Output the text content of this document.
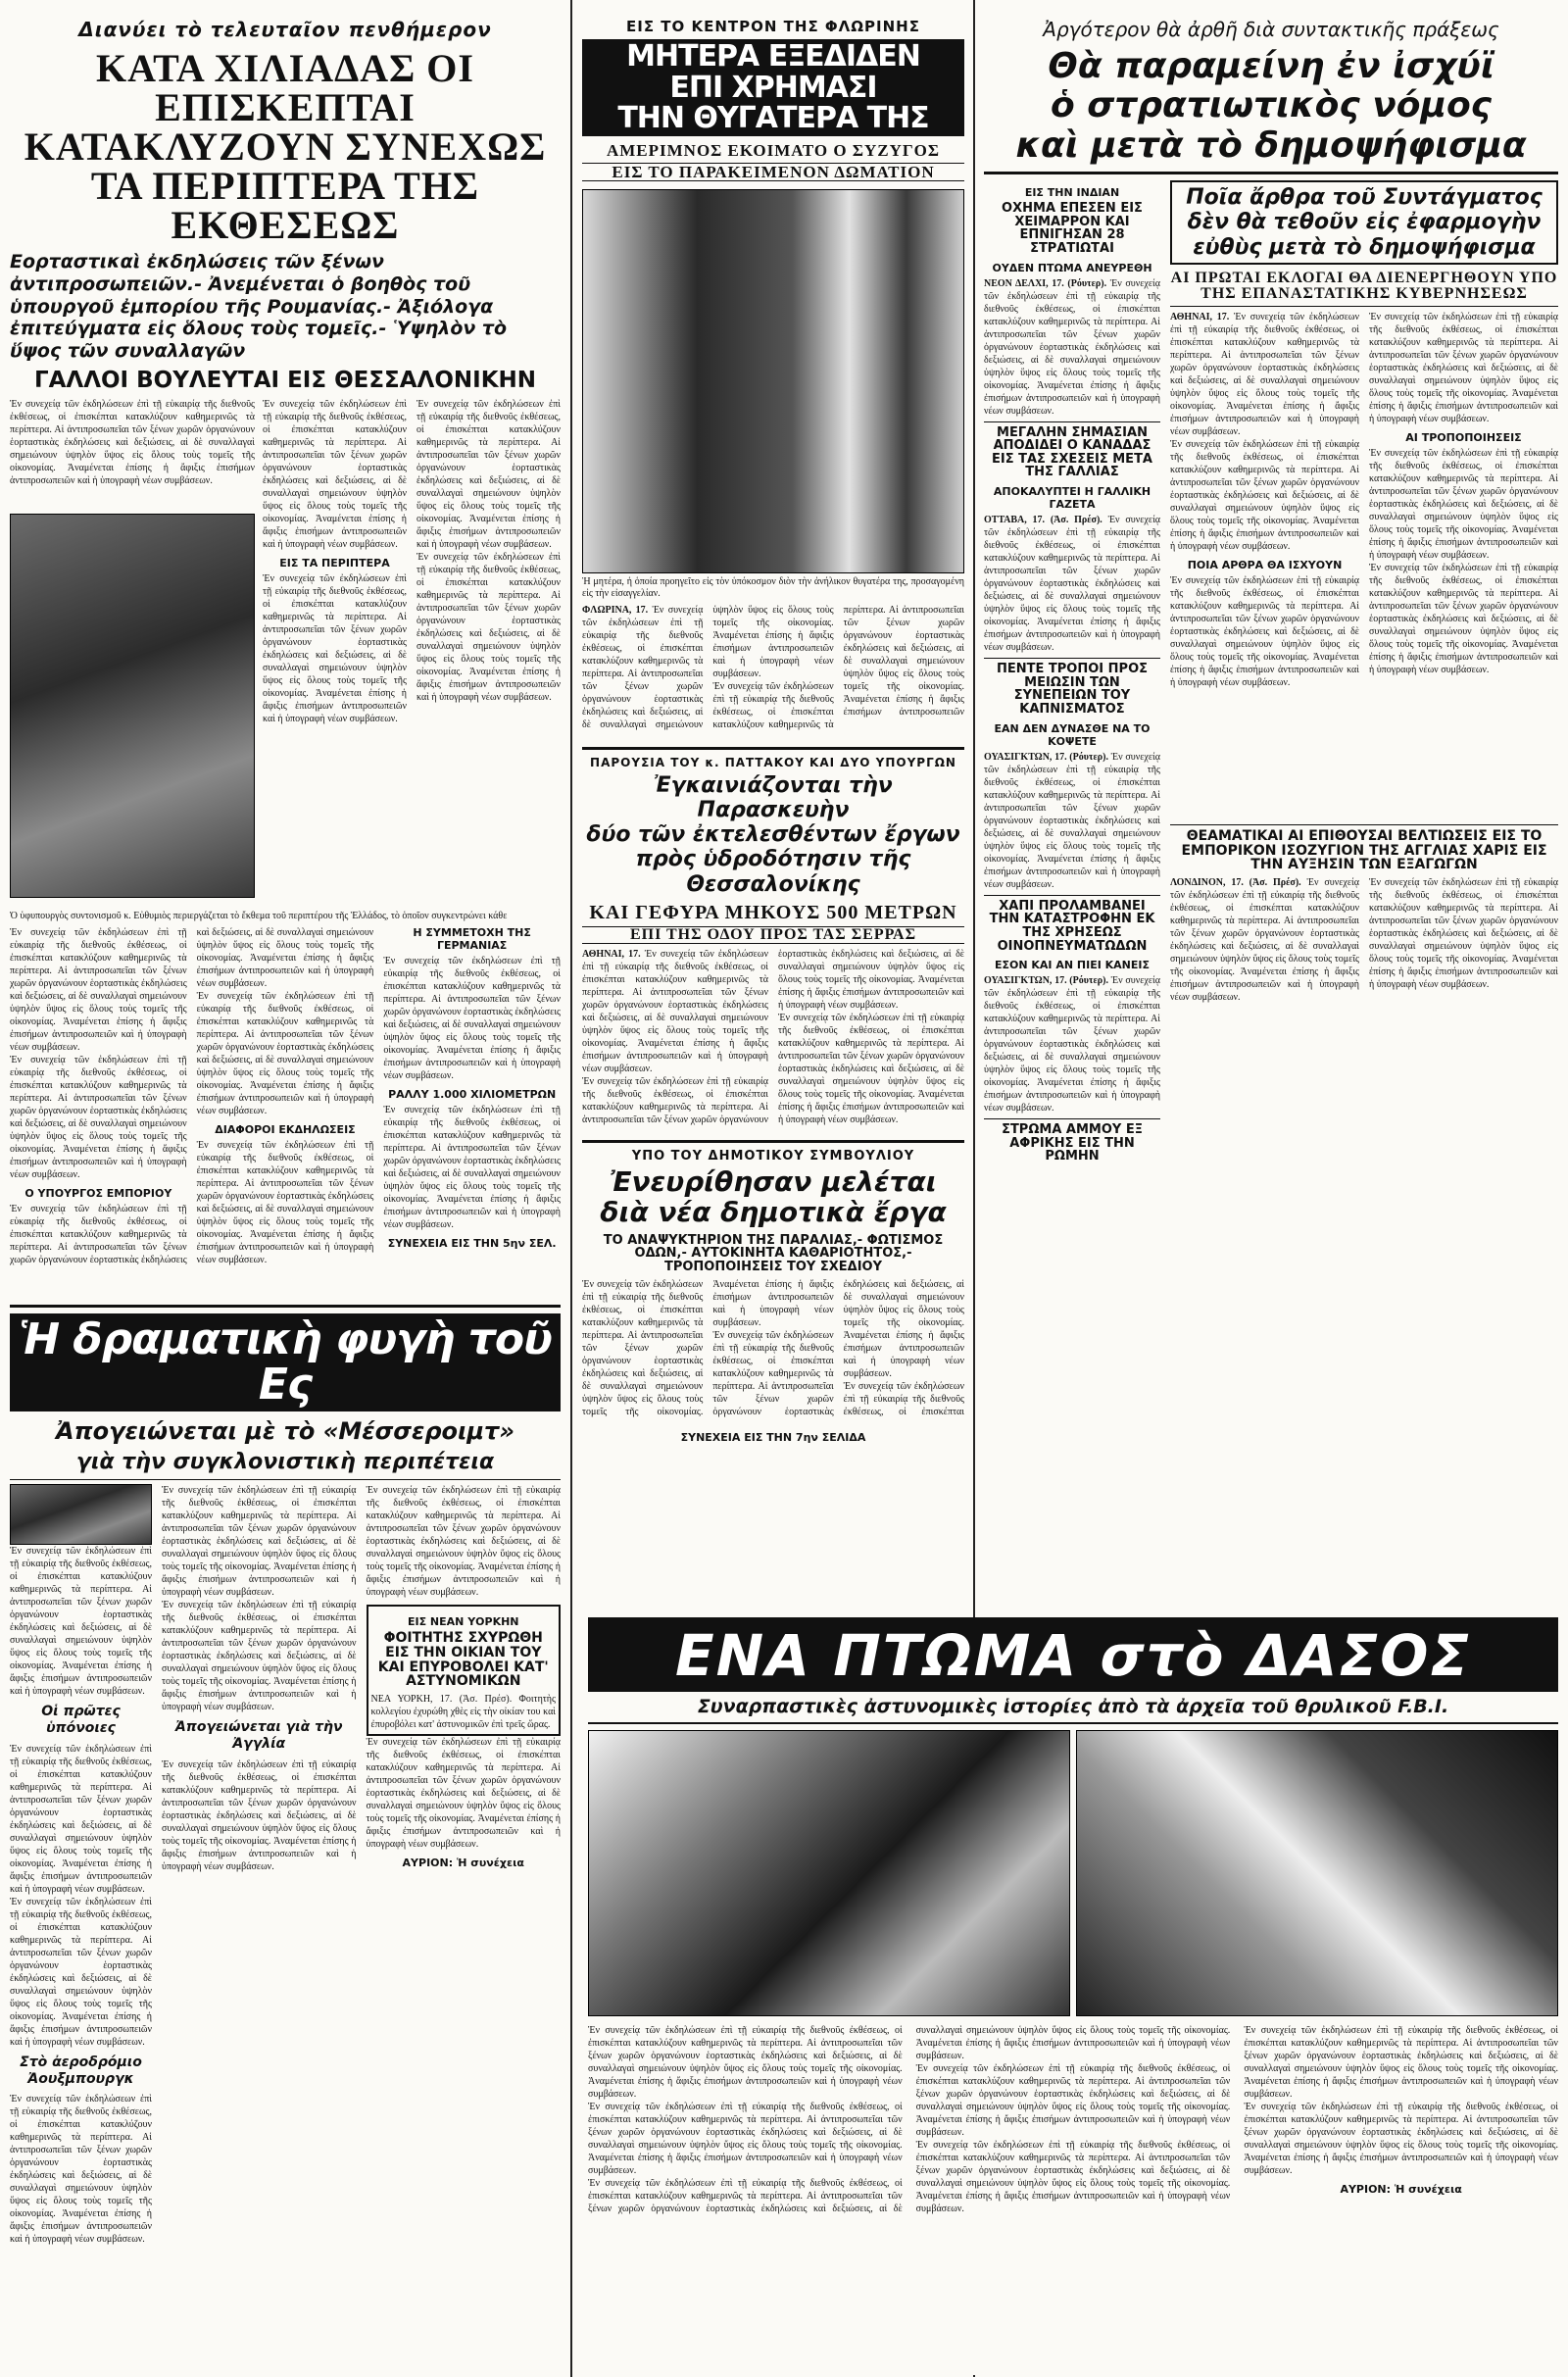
Διανύει τὸ τελευταῖον πενθήμερον
ΚΑΤΑ ΧΙΛΙΑΔΑΣ ΟΙ ΕΠΙΣΚΕΠΤΑΙ
ΚΑΤΑΚΛΥΖΟΥΝ ΣΥΝΕΧΩΣ
ΤΑ ΠΕΡΙΠΤΕΡΑ ΤΗΣ ΕΚΘΕΣΕΩΣ
Εορταστικαὶ ἐκδηλώσεις τῶν ξένων ἀντιπροσωπειῶν.- Ἀνεμένεται ὁ βοηθὸς τοῦ ὑπουργοῦ ἐμπορίου τῆς Ρουμανίας.- Ἀξιόλογα ἐπιτεύγματα εἰς ὅλους τοὺς τομεῖς.- Ὑψηλὸν τὸ ὕψος τῶν συναλλαγῶν
ΓΑΛΛΟΙ ΒΟΥΛΕΥΤΑΙ ΕΙΣ ΘΕΣΣΑΛΟΝΙΚΗΝ

Ἐν συνεχείᾳ τῶν ἐκδηλώσεων ἐπὶ τῇ εὐκαιρίᾳ τῆς διεθνοῦς ἐκθέσεως, οἱ ἐπισκέπται κατακλύζουν καθημερινῶς τὰ περίπτερα. Αἱ ἀντιπροσωπεῖαι τῶν ξένων χωρῶν ὀργανώνουν ἑορταστικὰς ἐκδηλώσεις καὶ δεξιώσεις, αἱ δὲ συναλλαγαὶ σημειώνουν ὑψηλὸν ὕψος εἰς ὅλους τοὺς τομεῖς τῆς οἰκονομίας. Ἀναμένεται ἐπίσης ἡ ἄφιξις ἐπισήμων ἀντιπροσωπειῶν καὶ ἡ ὑπογραφὴ νέων συμβάσεων.

Ἐν συνεχείᾳ τῶν ἐκδηλώσεων ἐπὶ τῇ εὐκαιρίᾳ τῆς διεθνοῦς ἐκθέσεως, οἱ ἐπισκέπται κατακλύζουν καθημερινῶς τὰ περίπτερα. Αἱ ἀντιπροσωπεῖαι τῶν ξένων χωρῶν ὀργανώνουν ἑορταστικὰς ἐκδηλώσεις καὶ δεξιώσεις, αἱ δὲ συναλλαγαὶ σημειώνουν ὑψηλὸν ὕψος εἰς ὅλους τοὺς τομεῖς τῆς οἰκονομίας. Ἀναμένεται ἐπίσης ἡ ἄφιξις ἐπισήμων ἀντιπροσωπειῶν καὶ ἡ ὑπογραφὴ νέων συμβάσεων.

ΕΙΣ ΤΑ ΠΕΡΙΠΤΕΡΑ

Ἐν συνεχείᾳ τῶν ἐκδηλώσεων ἐπὶ τῇ εὐκαιρίᾳ τῆς διεθνοῦς ἐκθέσεως, οἱ ἐπισκέπται κατακλύζουν καθημερινῶς τὰ περίπτερα. Αἱ ἀντιπροσωπεῖαι τῶν ξένων χωρῶν ὀργανώνουν ἑορταστικὰς ἐκδηλώσεις καὶ δεξιώσεις, αἱ δὲ συναλλαγαὶ σημειώνουν ὑψηλὸν ὕψος εἰς ὅλους τοὺς τομεῖς τῆς οἰκονομίας. Ἀναμένεται ἐπίσης ἡ ἄφιξις ἐπισήμων ἀντιπροσωπειῶν καὶ ἡ ὑπογραφὴ νέων συμβάσεων.

Ἐν συνεχείᾳ τῶν ἐκδηλώσεων ἐπὶ τῇ εὐκαιρίᾳ τῆς διεθνοῦς ἐκθέσεως, οἱ ἐπισκέπται κατακλύζουν καθημερινῶς τὰ περίπτερα. Αἱ ἀντιπροσωπεῖαι τῶν ξένων χωρῶν ὀργανώνουν ἑορταστικὰς ἐκδηλώσεις καὶ δεξιώσεις, αἱ δὲ συναλλαγαὶ σημειώνουν ὑψηλὸν ὕψος εἰς ὅλους τοὺς τομεῖς τῆς οἰκονομίας. Ἀναμένεται ἐπίσης ἡ ἄφιξις ἐπισήμων ἀντιπροσωπειῶν καὶ ἡ ὑπογραφὴ νέων συμβάσεων.

Ἐν συνεχείᾳ τῶν ἐκδηλώσεων ἐπὶ τῇ εὐκαιρίᾳ τῆς διεθνοῦς ἐκθέσεως, οἱ ἐπισκέπται κατακλύζουν καθημερινῶς τὰ περίπτερα. Αἱ ἀντιπροσωπεῖαι τῶν ξένων χωρῶν ὀργανώνουν ἑορταστικὰς ἐκδηλώσεις καὶ δεξιώσεις, αἱ δὲ συναλλαγαὶ σημειώνουν ὑψηλὸν ὕψος εἰς ὅλους τοὺς τομεῖς τῆς οἰκονομίας. Ἀναμένεται ἐπίσης ἡ ἄφιξις ἐπισήμων ἀντιπροσωπειῶν καὶ ἡ ὑπογραφὴ νέων συμβάσεων.

Ὁ ὑφυπουργὸς συντονισμοῦ κ. Εὐθυμιὸς περιεργάζεται τὸ ἔκθεμα τοῦ περιπτέρου τῆς Ἑλλάδος, τὸ ὁποῖον συγκεντρώνει κάθε

Ἐν συνεχείᾳ τῶν ἐκδηλώσεων ἐπὶ τῇ εὐκαιρίᾳ τῆς διεθνοῦς ἐκθέσεως, οἱ ἐπισκέπται κατακλύζουν καθημερινῶς τὰ περίπτερα. Αἱ ἀντιπροσωπεῖαι τῶν ξένων χωρῶν ὀργανώνουν ἑορταστικὰς ἐκδηλώσεις καὶ δεξιώσεις, αἱ δὲ συναλλαγαὶ σημειώνουν ὑψηλὸν ὕψος εἰς ὅλους τοὺς τομεῖς τῆς οἰκονομίας. Ἀναμένεται ἐπίσης ἡ ἄφιξις ἐπισήμων ἀντιπροσωπειῶν καὶ ἡ ὑπογραφὴ νέων συμβάσεων.

Ἐν συνεχείᾳ τῶν ἐκδηλώσεων ἐπὶ τῇ εὐκαιρίᾳ τῆς διεθνοῦς ἐκθέσεως, οἱ ἐπισκέπται κατακλύζουν καθημερινῶς τὰ περίπτερα. Αἱ ἀντιπροσωπεῖαι τῶν ξένων χωρῶν ὀργανώνουν ἑορταστικὰς ἐκδηλώσεις καὶ δεξιώσεις, αἱ δὲ συναλλαγαὶ σημειώνουν ὑψηλὸν ὕψος εἰς ὅλους τοὺς τομεῖς τῆς οἰκονομίας. Ἀναμένεται ἐπίσης ἡ ἄφιξις ἐπισήμων ἀντιπροσωπειῶν καὶ ἡ ὑπογραφὴ νέων συμβάσεων.

Ο ΥΠΟΥΡΓΟΣ ΕΜΠΟΡΙΟΥ

Ἐν συνεχείᾳ τῶν ἐκδηλώσεων ἐπὶ τῇ εὐκαιρίᾳ τῆς διεθνοῦς ἐκθέσεως, οἱ ἐπισκέπται κατακλύζουν καθημερινῶς τὰ περίπτερα. Αἱ ἀντιπροσωπεῖαι τῶν ξένων χωρῶν ὀργανώνουν ἑορταστικὰς ἐκδηλώσεις καὶ δεξιώσεις, αἱ δὲ συναλλαγαὶ σημειώνουν ὑψηλὸν ὕψος εἰς ὅλους τοὺς τομεῖς τῆς οἰκονομίας. Ἀναμένεται ἐπίσης ἡ ἄφιξις ἐπισήμων ἀντιπροσωπειῶν καὶ ἡ ὑπογραφὴ νέων συμβάσεων.

Ἐν συνεχείᾳ τῶν ἐκδηλώσεων ἐπὶ τῇ εὐκαιρίᾳ τῆς διεθνοῦς ἐκθέσεως, οἱ ἐπισκέπται κατακλύζουν καθημερινῶς τὰ περίπτερα. Αἱ ἀντιπροσωπεῖαι τῶν ξένων χωρῶν ὀργανώνουν ἑορταστικὰς ἐκδηλώσεις καὶ δεξιώσεις, αἱ δὲ συναλλαγαὶ σημειώνουν ὑψηλὸν ὕψος εἰς ὅλους τοὺς τομεῖς τῆς οἰκονομίας. Ἀναμένεται ἐπίσης ἡ ἄφιξις ἐπισήμων ἀντιπροσωπειῶν καὶ ἡ ὑπογραφὴ νέων συμβάσεων.

ΔΙΑΦΟΡΟΙ ΕΚΔΗΛΩΣΕΙΣ

Ἐν συνεχείᾳ τῶν ἐκδηλώσεων ἐπὶ τῇ εὐκαιρίᾳ τῆς διεθνοῦς ἐκθέσεως, οἱ ἐπισκέπται κατακλύζουν καθημερινῶς τὰ περίπτερα. Αἱ ἀντιπροσωπεῖαι τῶν ξένων χωρῶν ὀργανώνουν ἑορταστικὰς ἐκδηλώσεις καὶ δεξιώσεις, αἱ δὲ συναλλαγαὶ σημειώνουν ὑψηλὸν ὕψος εἰς ὅλους τοὺς τομεῖς τῆς οἰκονομίας. Ἀναμένεται ἐπίσης ἡ ἄφιξις ἐπισήμων ἀντιπροσωπειῶν καὶ ἡ ὑπογραφὴ νέων συμβάσεων.

Η ΣΥΜΜΕΤΟΧΗ ΤΗΣ ΓΕΡΜΑΝΙΑΣ

Ἐν συνεχείᾳ τῶν ἐκδηλώσεων ἐπὶ τῇ εὐκαιρίᾳ τῆς διεθνοῦς ἐκθέσεως, οἱ ἐπισκέπται κατακλύζουν καθημερινῶς τὰ περίπτερα. Αἱ ἀντιπροσωπεῖαι τῶν ξένων χωρῶν ὀργανώνουν ἑορταστικὰς ἐκδηλώσεις καὶ δεξιώσεις, αἱ δὲ συναλλαγαὶ σημειώνουν ὑψηλὸν ὕψος εἰς ὅλους τοὺς τομεῖς τῆς οἰκονομίας. Ἀναμένεται ἐπίσης ἡ ἄφιξις ἐπισήμων ἀντιπροσωπειῶν καὶ ἡ ὑπογραφὴ νέων συμβάσεων.

ΡΑΛΛΥ 1.000 ΧΙΛΙΟΜΕΤΡΩΝ

Ἐν συνεχείᾳ τῶν ἐκδηλώσεων ἐπὶ τῇ εὐκαιρίᾳ τῆς διεθνοῦς ἐκθέσεως, οἱ ἐπισκέπται κατακλύζουν καθημερινῶς τὰ περίπτερα. Αἱ ἀντιπροσωπεῖαι τῶν ξένων χωρῶν ὀργανώνουν ἑορταστικὰς ἐκδηλώσεις καὶ δεξιώσεις, αἱ δὲ συναλλαγαὶ σημειώνουν ὑψηλὸν ὕψος εἰς ὅλους τοὺς τομεῖς τῆς οἰκονομίας. Ἀναμένεται ἐπίσης ἡ ἄφιξις ἐπισήμων ἀντιπροσωπειῶν καὶ ἡ ὑπογραφὴ νέων συμβάσεων.

ΣΥΝΕΧΕΙΑ ΕΙΣ ΤΗΝ 5ην ΣΕΛ.
Ἡ δραματικὴ φυγὴ τοῦ Ες
Ἀπογειώνεται μὲ τὸ «Μέσσεροιμτ»
γιὰ τὴν συγκλονιστικὴ περιπέτεια

Ἐν συνεχείᾳ τῶν ἐκδηλώσεων ἐπὶ τῇ εὐκαιρίᾳ τῆς διεθνοῦς ἐκθέσεως, οἱ ἐπισκέπται κατακλύζουν καθημερινῶς τὰ περίπτερα. Αἱ ἀντιπροσωπεῖαι τῶν ξένων χωρῶν ὀργανώνουν ἑορταστικὰς ἐκδηλώσεις καὶ δεξιώσεις, αἱ δὲ συναλλαγαὶ σημειώνουν ὑψηλὸν ὕψος εἰς ὅλους τοὺς τομεῖς τῆς οἰκονομίας. Ἀναμένεται ἐπίσης ἡ ἄφιξις ἐπισήμων ἀντιπροσωπειῶν καὶ ἡ ὑπογραφὴ νέων συμβάσεων.

Οἱ πρῶτες ὑπόνοιες

Ἐν συνεχείᾳ τῶν ἐκδηλώσεων ἐπὶ τῇ εὐκαιρίᾳ τῆς διεθνοῦς ἐκθέσεως, οἱ ἐπισκέπται κατακλύζουν καθημερινῶς τὰ περίπτερα. Αἱ ἀντιπροσωπεῖαι τῶν ξένων χωρῶν ὀργανώνουν ἑορταστικὰς ἐκδηλώσεις καὶ δεξιώσεις, αἱ δὲ συναλλαγαὶ σημειώνουν ὑψηλὸν ὕψος εἰς ὅλους τοὺς τομεῖς τῆς οἰκονομίας. Ἀναμένεται ἐπίσης ἡ ἄφιξις ἐπισήμων ἀντιπροσωπειῶν καὶ ἡ ὑπογραφὴ νέων συμβάσεων.

Ἐν συνεχείᾳ τῶν ἐκδηλώσεων ἐπὶ τῇ εὐκαιρίᾳ τῆς διεθνοῦς ἐκθέσεως, οἱ ἐπισκέπται κατακλύζουν καθημερινῶς τὰ περίπτερα. Αἱ ἀντιπροσωπεῖαι τῶν ξένων χωρῶν ὀργανώνουν ἑορταστικὰς ἐκδηλώσεις καὶ δεξιώσεις, αἱ δὲ συναλλαγαὶ σημειώνουν ὑψηλὸν ὕψος εἰς ὅλους τοὺς τομεῖς τῆς οἰκονομίας. Ἀναμένεται ἐπίσης ἡ ἄφιξις ἐπισήμων ἀντιπροσωπειῶν καὶ ἡ ὑπογραφὴ νέων συμβάσεων.

Στὸ ἀεροδρόμιο Ἀουξμπουργκ

Ἐν συνεχείᾳ τῶν ἐκδηλώσεων ἐπὶ τῇ εὐκαιρίᾳ τῆς διεθνοῦς ἐκθέσεως, οἱ ἐπισκέπται κατακλύζουν καθημερινῶς τὰ περίπτερα. Αἱ ἀντιπροσωπεῖαι τῶν ξένων χωρῶν ὀργανώνουν ἑορταστικὰς ἐκδηλώσεις καὶ δεξιώσεις, αἱ δὲ συναλλαγαὶ σημειώνουν ὑψηλὸν ὕψος εἰς ὅλους τοὺς τομεῖς τῆς οἰκονομίας. Ἀναμένεται ἐπίσης ἡ ἄφιξις ἐπισήμων ἀντιπροσωπειῶν καὶ ἡ ὑπογραφὴ νέων συμβάσεων.

Ἐν συνεχείᾳ τῶν ἐκδηλώσεων ἐπὶ τῇ εὐκαιρίᾳ τῆς διεθνοῦς ἐκθέσεως, οἱ ἐπισκέπται κατακλύζουν καθημερινῶς τὰ περίπτερα. Αἱ ἀντιπροσωπεῖαι τῶν ξένων χωρῶν ὀργανώνουν ἑορταστικὰς ἐκδηλώσεις καὶ δεξιώσεις, αἱ δὲ συναλλαγαὶ σημειώνουν ὑψηλὸν ὕψος εἰς ὅλους τοὺς τομεῖς τῆς οἰκονομίας. Ἀναμένεται ἐπίσης ἡ ἄφιξις ἐπισήμων ἀντιπροσωπειῶν καὶ ἡ ὑπογραφὴ νέων συμβάσεων.

Ἐν συνεχείᾳ τῶν ἐκδηλώσεων ἐπὶ τῇ εὐκαιρίᾳ τῆς διεθνοῦς ἐκθέσεως, οἱ ἐπισκέπται κατακλύζουν καθημερινῶς τὰ περίπτερα. Αἱ ἀντιπροσωπεῖαι τῶν ξένων χωρῶν ὀργανώνουν ἑορταστικὰς ἐκδηλώσεις καὶ δεξιώσεις, αἱ δὲ συναλλαγαὶ σημειώνουν ὑψηλὸν ὕψος εἰς ὅλους τοὺς τομεῖς τῆς οἰκονομίας. Ἀναμένεται ἐπίσης ἡ ἄφιξις ἐπισήμων ἀντιπροσωπειῶν καὶ ἡ ὑπογραφὴ νέων συμβάσεων.

Ἀπογειώνεται γιὰ τὴν Ἀγγλία

Ἐν συνεχείᾳ τῶν ἐκδηλώσεων ἐπὶ τῇ εὐκαιρίᾳ τῆς διεθνοῦς ἐκθέσεως, οἱ ἐπισκέπται κατακλύζουν καθημερινῶς τὰ περίπτερα. Αἱ ἀντιπροσωπεῖαι τῶν ξένων χωρῶν ὀργανώνουν ἑορταστικὰς ἐκδηλώσεις καὶ δεξιώσεις, αἱ δὲ συναλλαγαὶ σημειώνουν ὑψηλὸν ὕψος εἰς ὅλους τοὺς τομεῖς τῆς οἰκονομίας. Ἀναμένεται ἐπίσης ἡ ἄφιξις ἐπισήμων ἀντιπροσωπειῶν καὶ ἡ ὑπογραφὴ νέων συμβάσεων.

Ἐν συνεχείᾳ τῶν ἐκδηλώσεων ἐπὶ τῇ εὐκαιρίᾳ τῆς διεθνοῦς ἐκθέσεως, οἱ ἐπισκέπται κατακλύζουν καθημερινῶς τὰ περίπτερα. Αἱ ἀντιπροσωπεῖαι τῶν ξένων χωρῶν ὀργανώνουν ἑορταστικὰς ἐκδηλώσεις καὶ δεξιώσεις, αἱ δὲ συναλλαγαὶ σημειώνουν ὑψηλὸν ὕψος εἰς ὅλους τοὺς τομεῖς τῆς οἰκονομίας. Ἀναμένεται ἐπίσης ἡ ἄφιξις ἐπισήμων ἀντιπροσωπειῶν καὶ ἡ ὑπογραφὴ νέων συμβάσεων.

ΕΙΣ ΝΕΑΝ ΥΟΡΚΗΝ
ΦΟΙΤΗΤΗΣ ΣΧΥΡΩΘΗ ΕΙΣ ΤΗΝ ΟΙΚΙΑΝ ΤΟΥ ΚΑΙ ΕΠΥΡΟΒΟΛΕΙ ΚΑΤ' ΑΣΤΥΝΟΜΙΚΩΝ

ΝΕΑ ΥΟΡΚΗ, 17. (Ἀσ. Πρέσ). Φοιτητὴς κολλεγίου ἐχυρώθη χθὲς εἰς τὴν οἰκίαν του καὶ ἐπυροβόλει κατ' ἀστυνομικῶν ἐπὶ τρεῖς ὥρας.

Ἐν συνεχείᾳ τῶν ἐκδηλώσεων ἐπὶ τῇ εὐκαιρίᾳ τῆς διεθνοῦς ἐκθέσεως, οἱ ἐπισκέπται κατακλύζουν καθημερινῶς τὰ περίπτερα. Αἱ ἀντιπροσωπεῖαι τῶν ξένων χωρῶν ὀργανώνουν ἑορταστικὰς ἐκδηλώσεις καὶ δεξιώσεις, αἱ δὲ συναλλαγαὶ σημειώνουν ὑψηλὸν ὕψος εἰς ὅλους τοὺς τομεῖς τῆς οἰκονομίας. Ἀναμένεται ἐπίσης ἡ ἄφιξις ἐπισήμων ἀντιπροσωπειῶν καὶ ἡ ὑπογραφὴ νέων συμβάσεων.

ΑΥΡΙΟΝ: Ἡ συνέχεια
ΕΙΣ ΤΟ ΚΕΝΤΡΟΝ ΤΗΣ ΦΛΩΡΙΝΗΣ
ΜΗΤΕΡΑ ΕΞΕΔΙΔΕΝ
ΕΠΙ ΧΡΗΜΑΣΙ
ΤΗΝ ΘΥΓΑΤΕΡΑ ΤΗΣ
ΑΜΕΡΙΜΝΟΣ ΕΚΟΙΜΑΤΟ Ο ΣΥΖΥΓΟΣ
ΕΙΣ ΤΟ ΠΑΡΑΚΕΙΜΕΝΟΝ ΔΩΜΑΤΙΟΝ
Ἡ μητέρα, ἡ ὁποία προηγεῖτο εἰς τὸν ὑπόκοσμον διὸν τὴν ἀνήλικον θυγατέρα της, προσαγομένη εἰς τὴν εἰσαγγελίαν.

ΦΛΩΡΙΝΑ, 17. Ἐν συνεχείᾳ τῶν ἐκδηλώσεων ἐπὶ τῇ εὐκαιρίᾳ τῆς διεθνοῦς ἐκθέσεως, οἱ ἐπισκέπται κατακλύζουν καθημερινῶς τὰ περίπτερα. Αἱ ἀντιπροσωπεῖαι τῶν ξένων χωρῶν ὀργανώνουν ἑορταστικὰς ἐκδηλώσεις καὶ δεξιώσεις, αἱ δὲ συναλλαγαὶ σημειώνουν ὑψηλὸν ὕψος εἰς ὅλους τοὺς τομεῖς τῆς οἰκονομίας. Ἀναμένεται ἐπίσης ἡ ἄφιξις ἐπισήμων ἀντιπροσωπειῶν καὶ ἡ ὑπογραφὴ νέων συμβάσεων.

Ἐν συνεχείᾳ τῶν ἐκδηλώσεων ἐπὶ τῇ εὐκαιρίᾳ τῆς διεθνοῦς ἐκθέσεως, οἱ ἐπισκέπται κατακλύζουν καθημερινῶς τὰ περίπτερα. Αἱ ἀντιπροσωπεῖαι τῶν ξένων χωρῶν ὀργανώνουν ἑορταστικὰς ἐκδηλώσεις καὶ δεξιώσεις, αἱ δὲ συναλλαγαὶ σημειώνουν ὑψηλὸν ὕψος εἰς ὅλους τοὺς τομεῖς τῆς οἰκονομίας. Ἀναμένεται ἐπίσης ἡ ἄφιξις ἐπισήμων ἀντιπροσωπειῶν

ΠΑΡΟΥΣΙΑ ΤΟΥ κ. ΠΑΤΤΑΚΟΥ ΚΑΙ ΔΥΟ ΥΠΟΥΡΓΩΝ
Ἐγκαινιάζονται τὴν Παρασκευὴν
δύο τῶν ἐκτελεσθέντων ἔργων
πρὸς ὑδροδότησιν τῆς Θεσσαλονίκης
ΚΑΙ ΓΕΦΥΡΑ ΜΗΚΟΥΣ 500 ΜΕΤΡΩΝ
ΕΠΙ ΤΗΣ ΟΔΟΥ ΠΡΟΣ ΤΑΣ ΣΕΡΡΑΣ

ΑΘΗΝΑΙ, 17. Ἐν συνεχείᾳ τῶν ἐκδηλώσεων ἐπὶ τῇ εὐκαιρίᾳ τῆς διεθνοῦς ἐκθέσεως, οἱ ἐπισκέπται κατακλύζουν καθημερινῶς τὰ περίπτερα. Αἱ ἀντιπροσωπεῖαι τῶν ξένων χωρῶν ὀργανώνουν ἑορταστικὰς ἐκδηλώσεις καὶ δεξιώσεις, αἱ δὲ συναλλαγαὶ σημειώνουν ὑψηλὸν ὕψος εἰς ὅλους τοὺς τομεῖς τῆς οἰκονομίας. Ἀναμένεται ἐπίσης ἡ ἄφιξις ἐπισήμων ἀντιπροσωπειῶν καὶ ἡ ὑπογραφὴ νέων συμβάσεων.

Ἐν συνεχείᾳ τῶν ἐκδηλώσεων ἐπὶ τῇ εὐκαιρίᾳ τῆς διεθνοῦς ἐκθέσεως, οἱ ἐπισκέπται κατακλύζουν καθημερινῶς τὰ περίπτερα. Αἱ ἀντιπροσωπεῖαι τῶν ξένων χωρῶν ὀργανώνουν ἑορταστικὰς ἐκδηλώσεις καὶ δεξιώσεις, αἱ δὲ συναλλαγαὶ σημειώνουν ὑψηλὸν ὕψος εἰς ὅλους τοὺς τομεῖς τῆς οἰκονομίας. Ἀναμένεται ἐπίσης ἡ ἄφιξις ἐπισήμων ἀντιπροσωπειῶν καὶ ἡ ὑπογραφὴ νέων συμβάσεων.

Ἐν συνεχείᾳ τῶν ἐκδηλώσεων ἐπὶ τῇ εὐκαιρίᾳ τῆς διεθνοῦς ἐκθέσεως, οἱ ἐπισκέπται κατακλύζουν καθημερινῶς τὰ περίπτερα. Αἱ ἀντιπροσωπεῖαι τῶν ξένων χωρῶν ὀργανώνουν ἑορταστικὰς ἐκδηλώσεις καὶ δεξιώσεις, αἱ δὲ συναλλαγαὶ σημειώνουν ὑψηλὸν ὕψος εἰς ὅλους τοὺς τομεῖς τῆς οἰκονομίας. Ἀναμένεται ἐπίσης ἡ ἄφιξις ἐπισήμων ἀντιπροσωπειῶν καὶ ἡ ὑπογραφὴ νέων συμβάσεων.

ΥΠΟ ΤΟΥ ΔΗΜΟΤΙΚΟΥ ΣΥΜΒΟΥΛΙΟΥ
Ἐνευρίθησαν μελέται
διὰ νέα δημοτικὰ ἔργα
ΤΟ ΑΝΑΨΥΚΤΗΡΙΟΝ ΤΗΣ ΠΑΡΑΛΙΑΣ,- ΦΩΤΙΣΜΟΣ ΟΔΩΝ,- ΑΥΤΟΚΙΝΗΤΑ ΚΑΘΑΡΙΟΤΗΤΟΣ,- ΤΡΟΠΟΠΟΙΗΣΕΙΣ ΤΟΥ ΣΧΕΔΙΟΥ

Ἐν συνεχείᾳ τῶν ἐκδηλώσεων ἐπὶ τῇ εὐκαιρίᾳ τῆς διεθνοῦς ἐκθέσεως, οἱ ἐπισκέπται κατακλύζουν καθημερινῶς τὰ περίπτερα. Αἱ ἀντιπροσωπεῖαι τῶν ξένων χωρῶν ὀργανώνουν ἑορταστικὰς ἐκδηλώσεις καὶ δεξιώσεις, αἱ δὲ συναλλαγαὶ σημειώνουν ὑψηλὸν ὕψος εἰς ὅλους τοὺς τομεῖς τῆς οἰκονομίας. Ἀναμένεται ἐπίσης ἡ ἄφιξις ἐπισήμων ἀντιπροσωπειῶν καὶ ἡ ὑπογραφὴ νέων συμβάσεων.

Ἐν συνεχείᾳ τῶν ἐκδηλώσεων ἐπὶ τῇ εὐκαιρίᾳ τῆς διεθνοῦς ἐκθέσεως, οἱ ἐπισκέπται κατακλύζουν καθημερινῶς τὰ περίπτερα. Αἱ ἀντιπροσωπεῖαι τῶν ξένων χωρῶν ὀργανώνουν ἑορταστικὰς ἐκδηλώσεις καὶ δεξιώσεις, αἱ δὲ συναλλαγαὶ σημειώνουν ὑψηλὸν ὕψος εἰς ὅλους τοὺς τομεῖς τῆς οἰκονομίας. Ἀναμένεται ἐπίσης ἡ ἄφιξις ἐπισήμων ἀντιπροσωπειῶν καὶ ἡ ὑπογραφὴ νέων συμβάσεων.

Ἐν συνεχείᾳ τῶν ἐκδηλώσεων ἐπὶ τῇ εὐκαιρίᾳ τῆς διεθνοῦς ἐκθέσεως, οἱ ἐπισκέπται

ΣΥΝΕΧΕΙΑ ΕΙΣ ΤΗΝ 7ην ΣΕΛΙΔΑ
Ἀργότερον θὰ ἀρθῆ διὰ συντακτικῆς πράξεως
Θὰ παραμείνη ἐν ἰσχύϊ
ὁ στρατιωτικὸς νόμος
καὶ μετὰ τὸ δημοψήφισμα
ΕΙΣ ΤΗΝ ΙΝΔΙΑΝ
ΟΧΗΜΑ ΕΠΕΣΕΝ ΕΙΣ ΧΕΙΜΑΡΡΟΝ ΚΑΙ ΕΠΝΙΓΗΣΑΝ 28 ΣΤΡΑΤΙΩΤΑΙ
ΟΥΔΕΝ ΠΤΩΜΑ ΑΝΕΥΡΕΘΗ

ΝΕΟΝ ΔΕΛΧΙ, 17. (Ρόυτερ). Ἐν συνεχείᾳ τῶν ἐκδηλώσεων ἐπὶ τῇ εὐκαιρίᾳ τῆς διεθνοῦς ἐκθέσεως, οἱ ἐπισκέπται κατακλύζουν καθημερινῶς τὰ περίπτερα. Αἱ ἀντιπροσωπεῖαι τῶν ξένων χωρῶν ὀργανώνουν ἑορταστικὰς ἐκδηλώσεις καὶ δεξιώσεις, αἱ δὲ συναλλαγαὶ σημειώνουν ὑψηλὸν ὕψος εἰς ὅλους τοὺς τομεῖς τῆς οἰκονομίας. Ἀναμένεται ἐπίσης ἡ ἄφιξις ἐπισήμων ἀντιπροσωπειῶν καὶ ἡ ὑπογραφὴ νέων συμβάσεων.

ΜΕΓΑΛΗΝ ΣΗΜΑΣΙΑΝ ΑΠΟΔΙΔΕΙ Ο ΚΑΝΑΔΑΣ ΕΙΣ ΤΑΣ ΣΧΕΣΕΙΣ ΜΕΤΑ ΤΗΣ ΓΑΛΛΙΑΣ
ΑΠΟΚΑΛΥΠΤΕΙ Η ΓΑΛΛΙΚΗ ΓΑΖΕΤΑ

ΟΤΤΑΒΑ, 17. (Ἀσ. Πρέσ). Ἐν συνεχείᾳ τῶν ἐκδηλώσεων ἐπὶ τῇ εὐκαιρίᾳ τῆς διεθνοῦς ἐκθέσεως, οἱ ἐπισκέπται κατακλύζουν καθημερινῶς τὰ περίπτερα. Αἱ ἀντιπροσωπεῖαι τῶν ξένων χωρῶν ὀργανώνουν ἑορταστικὰς ἐκδηλώσεις καὶ δεξιώσεις, αἱ δὲ συναλλαγαὶ σημειώνουν ὑψηλὸν ὕψος εἰς ὅλους τοὺς τομεῖς τῆς οἰκονομίας. Ἀναμένεται ἐπίσης ἡ ἄφιξις ἐπισήμων ἀντιπροσωπειῶν καὶ ἡ ὑπογραφὴ νέων συμβάσεων.

ΠΕΝΤΕ ΤΡΟΠΟΙ ΠΡΟΣ ΜΕΙΩΣΙΝ ΤΩΝ ΣΥΝΕΠΕΙΩΝ ΤΟΥ ΚΑΠΝΙΣΜΑΤΟΣ
ΕΑΝ ΔΕΝ ΔΥΝΑΣΘΕ ΝΑ ΤΟ ΚΟΨΕΤΕ

ΟΥΑΣΙΓΚΤΩΝ, 17. (Ρόυτερ). Ἐν συνεχείᾳ τῶν ἐκδηλώσεων ἐπὶ τῇ εὐκαιρίᾳ τῆς διεθνοῦς ἐκθέσεως, οἱ ἐπισκέπται κατακλύζουν καθημερινῶς τὰ περίπτερα. Αἱ ἀντιπροσωπεῖαι τῶν ξένων χωρῶν ὀργανώνουν ἑορταστικὰς ἐκδηλώσεις καὶ δεξιώσεις, αἱ δὲ συναλλαγαὶ σημειώνουν ὑψηλὸν ὕψος εἰς ὅλους τοὺς τομεῖς τῆς οἰκονομίας. Ἀναμένεται ἐπίσης ἡ ἄφιξις ἐπισήμων ἀντιπροσωπειῶν καὶ ἡ ὑπογραφὴ νέων συμβάσεων.

ΧΑΠΙ ΠΡΟΛΑΜΒΑΝΕΙ ΤΗΝ ΚΑΤΑΣΤΡΟΦΗΝ ΕΚ ΤΗΣ ΧΡΗΣΕΩΣ ΟΙΝΟΠΝΕΥΜΑΤΩΔΩΝ
ΕΣΟΝ ΚΑΙ ΑΝ ΠΙΕΙ ΚΑΝΕΙΣ

ΟΥΑΣΙΓΚΤΩΝ, 17. (Ρόυτερ). Ἐν συνεχείᾳ τῶν ἐκδηλώσεων ἐπὶ τῇ εὐκαιρίᾳ τῆς διεθνοῦς ἐκθέσεως, οἱ ἐπισκέπται κατακλύζουν καθημερινῶς τὰ περίπτερα. Αἱ ἀντιπροσωπεῖαι τῶν ξένων χωρῶν ὀργανώνουν ἑορταστικὰς ἐκδηλώσεις καὶ δεξιώσεις, αἱ δὲ συναλλαγαὶ σημειώνουν ὑψηλὸν ὕψος εἰς ὅλους τοὺς τομεῖς τῆς οἰκονομίας. Ἀναμένεται ἐπίσης ἡ ἄφιξις ἐπισήμων ἀντιπροσωπειῶν καὶ ἡ ὑπογραφὴ νέων συμβάσεων.

ΣΤΡΩΜΑ ΑΜΜΟΥ ΕΞ ΑΦΡΙΚΗΣ ΕΙΣ ΤΗΝ ΡΩΜΗΝ

Ποῖα ἄρθρα τοῦ Συντάγματος
δὲν θὰ τεθοῦν εἰς ἐφαρμογὴν
εὐθὺς μετὰ τὸ δημοψήφισμα
ΑΙ ΠΡΩΤΑΙ ΕΚΛΟΓΑΙ ΘΑ ΔΙΕΝΕΡΓΗΘΟΥΝ ΥΠΟ ΤΗΣ ΕΠΑΝΑΣΤΑΤΙΚΗΣ ΚΥΒΕΡΝΗΣΕΩΣ

ΑΘΗΝΑΙ, 17. Ἐν συνεχείᾳ τῶν ἐκδηλώσεων ἐπὶ τῇ εὐκαιρίᾳ τῆς διεθνοῦς ἐκθέσεως, οἱ ἐπισκέπται κατακλύζουν καθημερινῶς τὰ περίπτερα. Αἱ ἀντιπροσωπεῖαι τῶν ξένων χωρῶν ὀργανώνουν ἑορταστικὰς ἐκδηλώσεις καὶ δεξιώσεις, αἱ δὲ συναλλαγαὶ σημειώνουν ὑψηλὸν ὕψος εἰς ὅλους τοὺς τομεῖς τῆς οἰκονομίας. Ἀναμένεται ἐπίσης ἡ ἄφιξις ἐπισήμων ἀντιπροσωπειῶν καὶ ἡ ὑπογραφὴ νέων συμβάσεων.

Ἐν συνεχείᾳ τῶν ἐκδηλώσεων ἐπὶ τῇ εὐκαιρίᾳ τῆς διεθνοῦς ἐκθέσεως, οἱ ἐπισκέπται κατακλύζουν καθημερινῶς τὰ περίπτερα. Αἱ ἀντιπροσωπεῖαι τῶν ξένων χωρῶν ὀργανώνουν ἑορταστικὰς ἐκδηλώσεις καὶ δεξιώσεις, αἱ δὲ συναλλαγαὶ σημειώνουν ὑψηλὸν ὕψος εἰς ὅλους τοὺς τομεῖς τῆς οἰκονομίας. Ἀναμένεται ἐπίσης ἡ ἄφιξις ἐπισήμων ἀντιπροσωπειῶν καὶ ἡ ὑπογραφὴ νέων συμβάσεων.

ΠΟΙΑ ΑΡΘΡΑ ΘΑ ΙΣΧΥΟΥΝ

Ἐν συνεχείᾳ τῶν ἐκδηλώσεων ἐπὶ τῇ εὐκαιρίᾳ τῆς διεθνοῦς ἐκθέσεως, οἱ ἐπισκέπται κατακλύζουν καθημερινῶς τὰ περίπτερα. Αἱ ἀντιπροσωπεῖαι τῶν ξένων χωρῶν ὀργανώνουν ἑορταστικὰς ἐκδηλώσεις καὶ δεξιώσεις, αἱ δὲ συναλλαγαὶ σημειώνουν ὑψηλὸν ὕψος εἰς ὅλους τοὺς τομεῖς τῆς οἰκονομίας. Ἀναμένεται ἐπίσης ἡ ἄφιξις ἐπισήμων ἀντιπροσωπειῶν καὶ ἡ ὑπογραφὴ νέων συμβάσεων.

Ἐν συνεχείᾳ τῶν ἐκδηλώσεων ἐπὶ τῇ εὐκαιρίᾳ τῆς διεθνοῦς ἐκθέσεως, οἱ ἐπισκέπται κατακλύζουν καθημερινῶς τὰ περίπτερα. Αἱ ἀντιπροσωπεῖαι τῶν ξένων χωρῶν ὀργανώνουν ἑορταστικὰς ἐκδηλώσεις καὶ δεξιώσεις, αἱ δὲ συναλλαγαὶ σημειώνουν ὑψηλὸν ὕψος εἰς ὅλους τοὺς τομεῖς τῆς οἰκονομίας. Ἀναμένεται ἐπίσης ἡ ἄφιξις ἐπισήμων ἀντιπροσωπειῶν καὶ ἡ ὑπογραφὴ νέων συμβάσεων.

ΑΙ ΤΡΟΠΟΠΟΙΗΣΕΙΣ

Ἐν συνεχείᾳ τῶν ἐκδηλώσεων ἐπὶ τῇ εὐκαιρίᾳ τῆς διεθνοῦς ἐκθέσεως, οἱ ἐπισκέπται κατακλύζουν καθημερινῶς τὰ περίπτερα. Αἱ ἀντιπροσωπεῖαι τῶν ξένων χωρῶν ὀργανώνουν ἑορταστικὰς ἐκδηλώσεις καὶ δεξιώσεις, αἱ δὲ συναλλαγαὶ σημειώνουν ὑψηλὸν ὕψος εἰς ὅλους τοὺς τομεῖς τῆς οἰκονομίας. Ἀναμένεται ἐπίσης ἡ ἄφιξις ἐπισήμων ἀντιπροσωπειῶν καὶ ἡ ὑπογραφὴ νέων συμβάσεων.

Ἐν συνεχείᾳ τῶν ἐκδηλώσεων ἐπὶ τῇ εὐκαιρίᾳ τῆς διεθνοῦς ἐκθέσεως, οἱ ἐπισκέπται κατακλύζουν καθημερινῶς τὰ περίπτερα. Αἱ ἀντιπροσωπεῖαι τῶν ξένων χωρῶν ὀργανώνουν ἑορταστικὰς ἐκδηλώσεις καὶ δεξιώσεις, αἱ δὲ συναλλαγαὶ σημειώνουν ὑψηλὸν ὕψος εἰς ὅλους τοὺς τομεῖς τῆς οἰκονομίας. Ἀναμένεται ἐπίσης ἡ ἄφιξις ἐπισήμων ἀντιπροσωπειῶν καὶ ἡ ὑπογραφὴ νέων συμβάσεων.

ΘΕΑΜΑΤΙΚΑΙ ΑΙ ΕΠΙΘΟΥΣΑΙ ΒΕΛΤΙΩΣΕΙΣ ΕΙΣ ΤΟ ΕΜΠΟΡΙΚΟΝ ΙΣΟΖΥΓΙΟΝ ΤΗΣ ΑΓΓΛΙΑΣ ΧΑΡΙΣ ΕΙΣ ΤΗΝ ΑΥΞΗΣΙΝ ΤΩΝ ΕΞΑΓΩΓΩΝ

ΛΟΝΔΙΝΟΝ, 17. (Ἀσ. Πρέσ). Ἐν συνεχείᾳ τῶν ἐκδηλώσεων ἐπὶ τῇ εὐκαιρίᾳ τῆς διεθνοῦς ἐκθέσεως, οἱ ἐπισκέπται κατακλύζουν καθημερινῶς τὰ περίπτερα. Αἱ ἀντιπροσωπεῖαι τῶν ξένων χωρῶν ὀργανώνουν ἑορταστικὰς ἐκδηλώσεις καὶ δεξιώσεις, αἱ δὲ συναλλαγαὶ σημειώνουν ὑψηλὸν ὕψος εἰς ὅλους τοὺς τομεῖς τῆς οἰκονομίας. Ἀναμένεται ἐπίσης ἡ ἄφιξις ἐπισήμων ἀντιπροσωπειῶν καὶ ἡ ὑπογραφὴ νέων συμβάσεων.

Ἐν συνεχείᾳ τῶν ἐκδηλώσεων ἐπὶ τῇ εὐκαιρίᾳ τῆς διεθνοῦς ἐκθέσεως, οἱ ἐπισκέπται κατακλύζουν καθημερινῶς τὰ περίπτερα. Αἱ ἀντιπροσωπεῖαι τῶν ξένων χωρῶν ὀργανώνουν ἑορταστικὰς ἐκδηλώσεις καὶ δεξιώσεις, αἱ δὲ συναλλαγαὶ σημειώνουν ὑψηλὸν ὕψος εἰς ὅλους τοὺς τομεῖς τῆς οἰκονομίας. Ἀναμένεται ἐπίσης ἡ ἄφιξις ἐπισήμων ἀντιπροσωπειῶν καὶ ἡ ὑπογραφὴ νέων συμβάσεων.

ΕΝΑ ΠΤΩΜΑ στὸ ΔΑΣΟΣ
Συναρπαστικὲς ἀστυνομικὲς ἱστορίες ἀπὸ τὰ ἀρχεῖα τοῦ θρυλικοῦ F.B.I.

Ἐν συνεχείᾳ τῶν ἐκδηλώσεων ἐπὶ τῇ εὐκαιρίᾳ τῆς διεθνοῦς ἐκθέσεως, οἱ ἐπισκέπται κατακλύζουν καθημερινῶς τὰ περίπτερα. Αἱ ἀντιπροσωπεῖαι τῶν ξένων χωρῶν ὀργανώνουν ἑορταστικὰς ἐκδηλώσεις καὶ δεξιώσεις, αἱ δὲ συναλλαγαὶ σημειώνουν ὑψηλὸν ὕψος εἰς ὅλους τοὺς τομεῖς τῆς οἰκονομίας. Ἀναμένεται ἐπίσης ἡ ἄφιξις ἐπισήμων ἀντιπροσωπειῶν καὶ ἡ ὑπογραφὴ νέων συμβάσεων.

Ἐν συνεχείᾳ τῶν ἐκδηλώσεων ἐπὶ τῇ εὐκαιρίᾳ τῆς διεθνοῦς ἐκθέσεως, οἱ ἐπισκέπται κατακλύζουν καθημερινῶς τὰ περίπτερα. Αἱ ἀντιπροσωπεῖαι τῶν ξένων χωρῶν ὀργανώνουν ἑορταστικὰς ἐκδηλώσεις καὶ δεξιώσεις, αἱ δὲ συναλλαγαὶ σημειώνουν ὑψηλὸν ὕψος εἰς ὅλους τοὺς τομεῖς τῆς οἰκονομίας. Ἀναμένεται ἐπίσης ἡ ἄφιξις ἐπισήμων ἀντιπροσωπειῶν καὶ ἡ ὑπογραφὴ νέων συμβάσεων.

Ἐν συνεχείᾳ τῶν ἐκδηλώσεων ἐπὶ τῇ εὐκαιρίᾳ τῆς διεθνοῦς ἐκθέσεως, οἱ ἐπισκέπται κατακλύζουν καθημερινῶς τὰ περίπτερα. Αἱ ἀντιπροσωπεῖαι τῶν ξένων χωρῶν ὀργανώνουν ἑορταστικὰς ἐκδηλώσεις καὶ δεξιώσεις, αἱ δὲ συναλλαγαὶ σημειώνουν ὑψηλὸν ὕψος εἰς ὅλους τοὺς τομεῖς τῆς οἰκονομίας. Ἀναμένεται ἐπίσης ἡ ἄφιξις ἐπισήμων ἀντιπροσωπειῶν καὶ ἡ ὑπογραφὴ νέων συμβάσεων.

Ἐν συνεχείᾳ τῶν ἐκδηλώσεων ἐπὶ τῇ εὐκαιρίᾳ τῆς διεθνοῦς ἐκθέσεως, οἱ ἐπισκέπται κατακλύζουν καθημερινῶς τὰ περίπτερα. Αἱ ἀντιπροσωπεῖαι τῶν ξένων χωρῶν ὀργανώνουν ἑορταστικὰς ἐκδηλώσεις καὶ δεξιώσεις, αἱ δὲ συναλλαγαὶ σημειώνουν ὑψηλὸν ὕψος εἰς ὅλους τοὺς τομεῖς τῆς οἰκονομίας. Ἀναμένεται ἐπίσης ἡ ἄφιξις ἐπισήμων ἀντιπροσωπειῶν καὶ ἡ ὑπογραφὴ νέων συμβάσεων.

Ἐν συνεχείᾳ τῶν ἐκδηλώσεων ἐπὶ τῇ εὐκαιρίᾳ τῆς διεθνοῦς ἐκθέσεως, οἱ ἐπισκέπται κατακλύζουν καθημερινῶς τὰ περίπτερα. Αἱ ἀντιπροσωπεῖαι τῶν ξένων χωρῶν ὀργανώνουν ἑορταστικὰς ἐκδηλώσεις καὶ δεξιώσεις, αἱ δὲ συναλλαγαὶ σημειώνουν ὑψηλὸν ὕψος εἰς ὅλους τοὺς τομεῖς τῆς οἰκονομίας. Ἀναμένεται ἐπίσης ἡ ἄφιξις ἐπισήμων ἀντιπροσωπειῶν καὶ ἡ ὑπογραφὴ νέων συμβάσεων.

Ἐν συνεχείᾳ τῶν ἐκδηλώσεων ἐπὶ τῇ εὐκαιρίᾳ τῆς διεθνοῦς ἐκθέσεως, οἱ ἐπισκέπται κατακλύζουν καθημερινῶς τὰ περίπτερα. Αἱ ἀντιπροσωπεῖαι τῶν ξένων χωρῶν ὀργανώνουν ἑορταστικὰς ἐκδηλώσεις καὶ δεξιώσεις, αἱ δὲ συναλλαγαὶ σημειώνουν ὑψηλὸν ὕψος εἰς ὅλους τοὺς τομεῖς τῆς οἰκονομίας. Ἀναμένεται ἐπίσης ἡ ἄφιξις ἐπισήμων ἀντιπροσωπειῶν καὶ ἡ ὑπογραφὴ νέων συμβάσεων.

Ἐν συνεχείᾳ τῶν ἐκδηλώσεων ἐπὶ τῇ εὐκαιρίᾳ τῆς διεθνοῦς ἐκθέσεως, οἱ ἐπισκέπται κατακλύζουν καθημερινῶς τὰ περίπτερα. Αἱ ἀντιπροσωπεῖαι τῶν ξένων χωρῶν ὀργανώνουν ἑορταστικὰς ἐκδηλώσεις καὶ δεξιώσεις, αἱ δὲ συναλλαγαὶ σημειώνουν ὑψηλὸν ὕψος εἰς ὅλους τοὺς τομεῖς τῆς οἰκονομίας. Ἀναμένεται ἐπίσης ἡ ἄφιξις ἐπισήμων ἀντιπροσωπειῶν καὶ ἡ ὑπογραφὴ νέων συμβάσεων.

ΑΥΡΙΟΝ: Ἡ συνέχεια
